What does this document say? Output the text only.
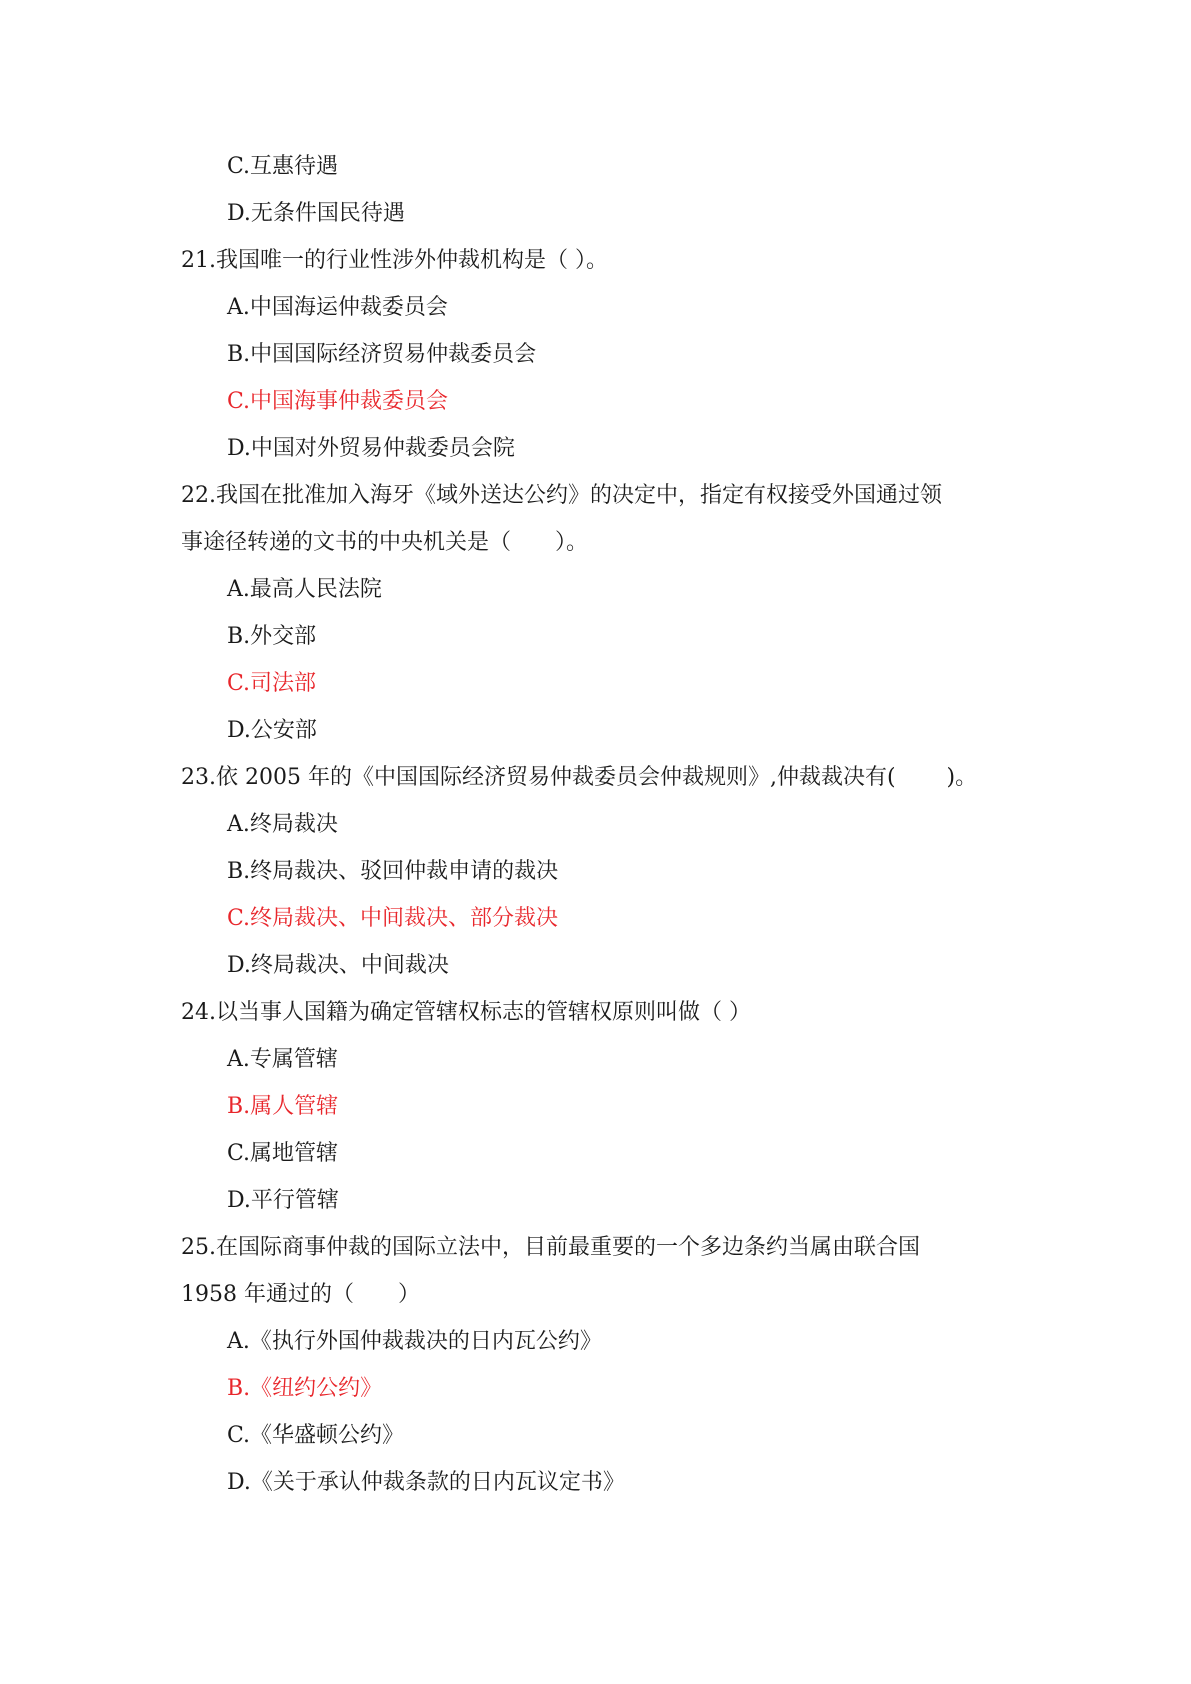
C.互惠待遇
D.无条件国民待遇
21.我国唯一的行业性涉外仲裁机构是（ ）。
A.中国海运仲裁委员会
B.中国国际经济贸易仲裁委员会
C.中国海事仲裁委员会
D.中国对外贸易仲裁委员会院
22.我国在批准加入海牙《域外送达公约》的决定中，指定有权接受外国通过领
事途径转递的文书的中央机关是（　　）。
A.最高人民法院
B.外交部
C.司法部
D.公安部
23.依 2005 年的《中国国际经济贸易仲裁委员会仲裁规则》,仲裁裁决有(　　 )。
A.终局裁决
B.终局裁决、驳回仲裁申请的裁决
C.终局裁决、中间裁决、部分裁决
D.终局裁决、中间裁决
24.以当事人国籍为确定管辖权标志的管辖权原则叫做（ ）
A.专属管辖
B.属人管辖
C.属地管辖
D.平行管辖
25.在国际商事仲裁的国际立法中，目前最重要的一个多边条约当属由联合国
1958 年通过的（　　）
A.《执行外国仲裁裁决的日内瓦公约》
B.《纽约公约》
C.《华盛顿公约》
D.《关于承认仲裁条款的日内瓦议定书》
